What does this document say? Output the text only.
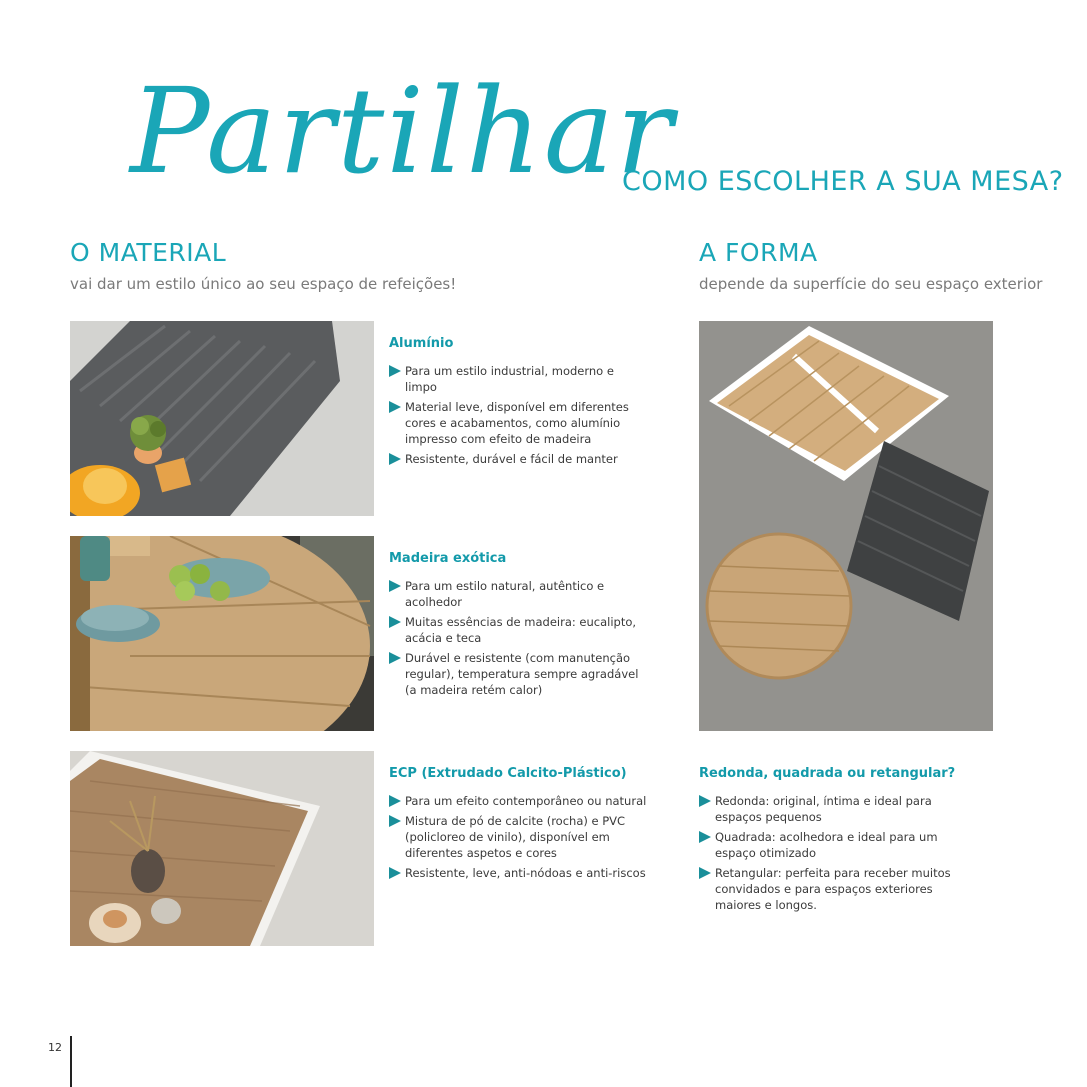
Partilhar
COMO ESCOLHER A SUA MESA?
O MATERIAL
vai dar um estilo único ao seu espaço de refeições!
A FORMA
depende da superfície do seu espaço exterior
Alumínio
Para um estilo industrial, moderno e limpo
Material leve, disponível em diferentes cores e acabamentos, como alumínio impresso com efeito de madeira
Resistente, durável e fácil de manter
Madeira exótica
Para um estilo natural, autêntico e acolhedor
Muitas essências de madeira: eucalipto, acácia e teca
Durável e resistente (com manutenção regular), temperatura sempre agradável (a madeira retém calor)
ECP (Extrudado Calcito-Plástico)
Para um efeito contemporâneo ou natural
Mistura de pó de calcite (rocha) e PVC (policloreo de vinilo), disponível em diferentes aspetos e cores
Resistente, leve, anti-nódoas e anti-riscos
Redonda, quadrada ou retangular?
Redonda: original, íntima e ideal para espaços pequenos
Quadrada: acolhedora e ideal para um espaço otimizado
Retangular: perfeita para receber muitos convidados e para espaços exteriores maiores e longos.
12
